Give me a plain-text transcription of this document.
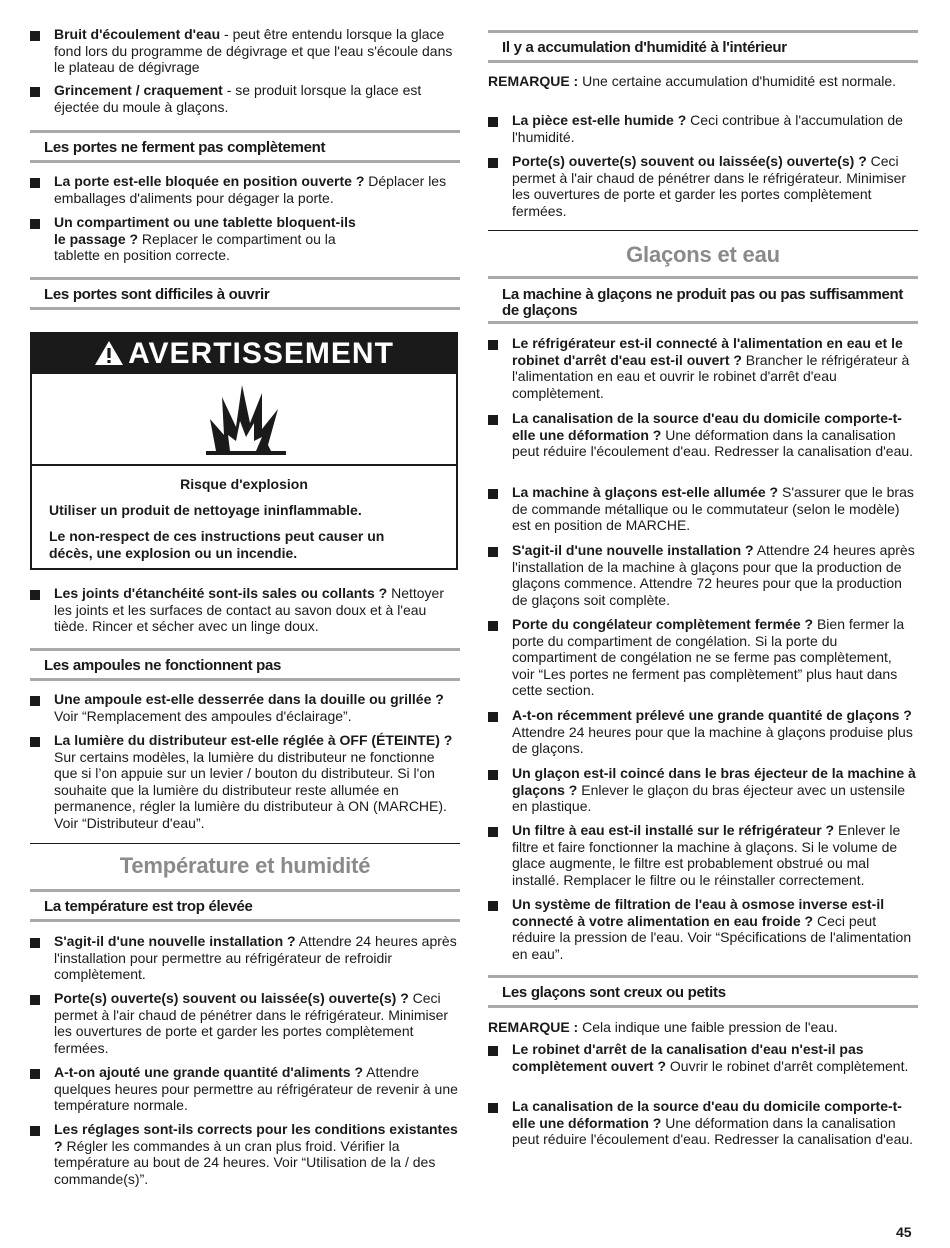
Bruit d'écoulement d'eau - peut être entendu lorsque la glace fond lors du programme de dégivrage et que l'eau s'écoule dans le plateau de dégivrage
Grincement / craquement - se produit lorsque la glace est éjectée du moule à glaçons.
Les portes ne ferment pas complètement
La porte est-elle bloquée en position ouverte ? Déplacer les emballages d'aliments pour dégager la porte.
Un compartiment ou une tablette bloquent-ils le passage ? Replacer le compartiment ou la tablette en position correcte.
Les portes sont difficiles à ouvrir
AVERTISSEMENT
Risque d'explosion
Utiliser un produit de nettoyage ininflammable.
Le non-respect de ces instructions peut causer un décès, une explosion ou un incendie.
Les joints d'étanchéité sont-ils sales ou collants ? Nettoyer les joints et les surfaces de contact au savon doux et à l'eau tiède. Rincer et sécher avec un linge doux.
Les ampoules ne fonctionnent pas
Une ampoule est-elle desserrée dans la douille ou grillée ? Voir “Remplacement des ampoules d'éclairage”.
La lumière du distributeur est-elle réglée à OFF (ÉTEINTE) ? Sur certains modèles, la lumière du distributeur ne fonctionne que si l’on appuie sur un levier / bouton du distributeur. Si l'on souhaite que la lumière du distributeur reste allumée en permanence, régler la lumière du distributeur à ON (MARCHE). Voir “Distributeur d'eau”.
Température et humidité
La température est trop élevée
S'agit-il d'une nouvelle installation ? Attendre 24 heures après l'installation pour permettre au réfrigérateur de refroidir complètement.
Porte(s) ouverte(s) souvent ou laissée(s) ouverte(s) ? Ceci permet à l'air chaud de pénétrer dans le réfrigérateur. Minimiser les ouvertures de porte et garder les portes complètement fermées.
A-t-on ajouté une grande quantité d'aliments ? Attendre quelques heures pour permettre au réfrigérateur de revenir à une température normale.
Les réglages sont-ils corrects pour les conditions existantes ? Régler les commandes à un cran plus froid. Vérifier la température au bout de 24 heures. Voir “Utilisation de la / des commande(s)”.
Il y a accumulation d'humidité à l'intérieur
REMARQUE : Une certaine accumulation d'humidité est normale.
La pièce est-elle humide ? Ceci contribue à l'accumulation de l'humidité.
Porte(s) ouverte(s) souvent ou laissée(s) ouverte(s) ? Ceci permet à l'air chaud de pénétrer dans le réfrigérateur. Minimiser les ouvertures de porte et garder les portes complètement fermées.
Glaçons et eau
La machine à glaçons ne produit pas ou pas suffisamment de glaçons
Le réfrigérateur est-il connecté à l'alimentation en eau et le robinet d'arrêt d'eau est-il ouvert ? Brancher le réfrigérateur à l'alimentation en eau et ouvrir le robinet d'arrêt d'eau complètement.
La canalisation de la source d'eau du domicile comporte-t-elle une déformation ? Une déformation dans la canalisation peut réduire l'écoulement d'eau. Redresser la canalisation d'eau.
La machine à glaçons est-elle allumée ? S'assurer que le bras de commande métallique ou le commutateur (selon le modèle) est en position de MARCHE.
S'agit-il d'une nouvelle installation ? Attendre 24 heures après l'installation de la machine à glaçons pour que la production de glaçons commence. Attendre 72 heures pour que la production de glaçons soit complète.
Porte du congélateur complètement fermée ? Bien fermer la porte du compartiment de congélation. Si la porte du compartiment de congélation ne se ferme pas complètement, voir “Les portes ne ferment pas complètement” plus haut dans cette section.
A-t-on récemment prélevé une grande quantité de glaçons ? Attendre 24 heures pour que la machine à glaçons produise plus de glaçons.
Un glaçon est-il coincé dans le bras éjecteur de la machine à glaçons ? Enlever le glaçon du bras éjecteur avec un ustensile en plastique.
Un filtre à eau est-il installé sur le réfrigérateur ? Enlever le filtre et faire fonctionner la machine à glaçons. Si le volume de glace augmente, le filtre est probablement obstrué ou mal installé. Remplacer le filtre ou le réinstaller correctement.
Un système de filtration de l'eau à osmose inverse est-il connecté à votre alimentation en eau froide ? Ceci peut réduire la pression de l'eau. Voir “Spécifications de l'alimentation en eau”.
Les glaçons sont creux ou petits
REMARQUE : Cela indique une faible pression de l'eau.
Le robinet d'arrêt de la canalisation d'eau n'est-il pas complètement ouvert ? Ouvrir le robinet d'arrêt complètement.
La canalisation de la source d'eau du domicile comporte-t-elle une déformation ? Une déformation dans la canalisation peut réduire l'écoulement d'eau. Redresser la canalisation d'eau.
45
